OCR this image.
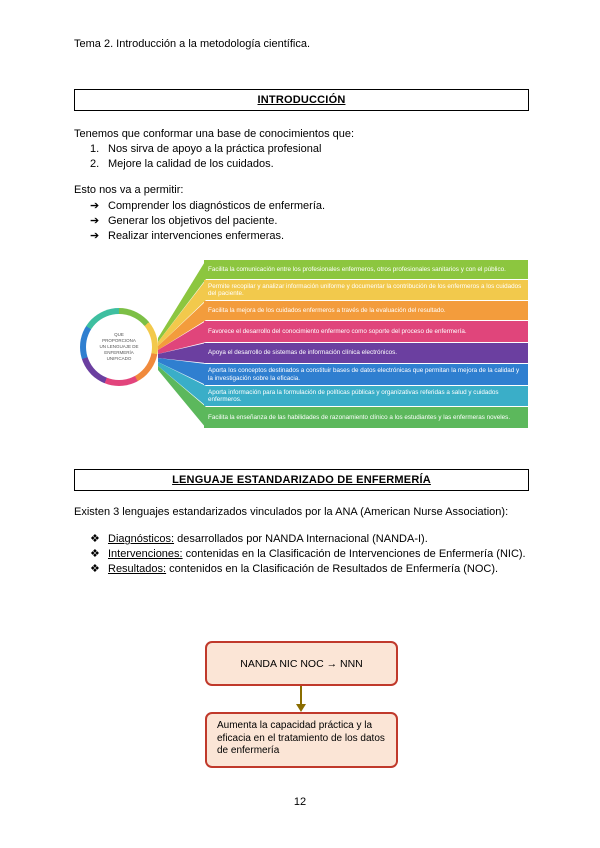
Tema 2. Introducción a la metodología científica.
INTRODUCCIÓN
Tenemos que conformar una base de conocimientos que:
1. Nos sirva de apoyo a la práctica profesional
2. Mejore la calidad de los cuidados.
Esto nos va a permitir:
➔ Comprender los diagnósticos de enfermería.
➔ Generar los objetivos del paciente.
➔ Realizar intervenciones enfermeras.
QUE PROPORCIONA UN LENGUAJE DE ENFERMERÍA UNIFICADO
Facilita la comunicación entre los profesionales enfermeros, otros profesionales sanitarios y con el público.
Permite recopilar y analizar información uniforme y documentar la contribución de los enfermeros a los cuidados del paciente.
Facilita la mejora de los cuidados enfermeros a través de la evaluación del resultado.
Favorece el desarrollo del conocimiento enfermero como soporte del proceso de enfermería.
Apoya el desarrollo de sistemas de información clínica electrónicos.
Aporta los conceptos destinados a constituir bases de datos electrónicas que permitan la mejora de la calidad y la investigación sobre la eficacia.
Aporta información para la formulación de políticas públicas y organizativas referidas a salud y cuidados enfermeros.
Facilita la enseñanza de las habilidades de razonamiento clínico a los estudiantes y las enfermeras noveles.
LENGUAJE ESTANDARIZADO DE ENFERMERÍA
Existen 3 lenguajes estandarizados vinculados por la ANA (American Nurse Association):
❖ Diagnósticos: desarrollados por NANDA Internacional (NANDA-I).
❖ Intervenciones: contenidas en la Clasificación de Intervenciones de Enfermería (NIC).
❖ Resultados: contenidos en la Clasificación de Resultados de Enfermería (NOC).
NANDA NIC NOC → NNN
Aumenta la capacidad práctica y la eficacia en el tratamiento de los datos de enfermería
12
